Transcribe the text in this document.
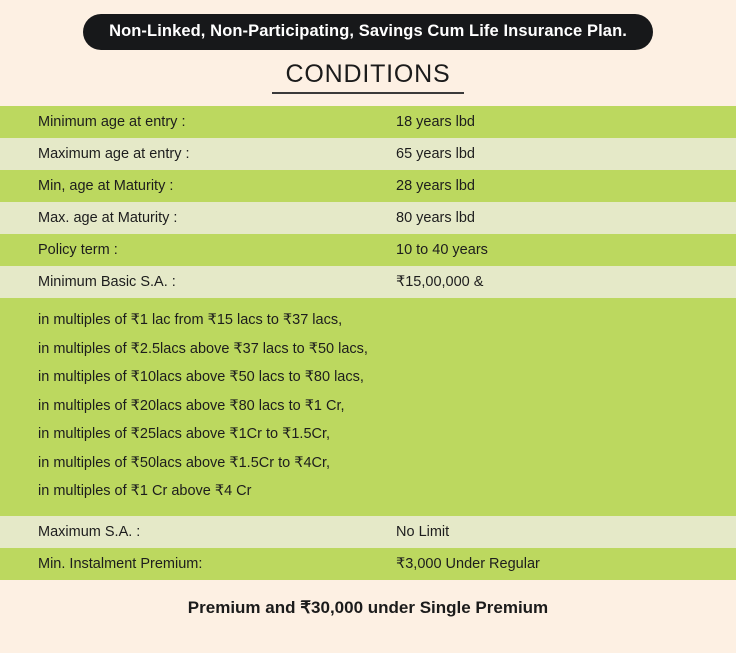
Non-Linked, Non-Participating, Savings Cum Life Insurance Plan.
CONDITIONS
Minimum age at entry :	18 years lbd
Maximum age at entry :	65 years lbd
Min, age at Maturity :	28 years lbd
Max. age at Maturity :	80 years lbd
Policy term :	10 to 40 years
Minimum Basic S.A. :	₹15,00,000 &
in multiples of ₹1 lac from ₹15 lacs to ₹37 lacs,
in multiples of ₹2.5lacs above ₹37 lacs to ₹50 lacs,
in multiples of ₹10lacs above ₹50 lacs to ₹80 lacs,
in multiples of ₹20lacs above ₹80 lacs to ₹1 Cr,
in multiples of ₹25lacs above ₹1Cr to ₹1.5Cr,
in multiples of ₹50lacs above ₹1.5Cr to ₹4Cr,
in multiples of ₹1 Cr above ₹4 Cr
Maximum S.A. :	No Limit
Min. Instalment Premium:	₹3,000 Under Regular
Premium and ₹30,000 under Single Premium
